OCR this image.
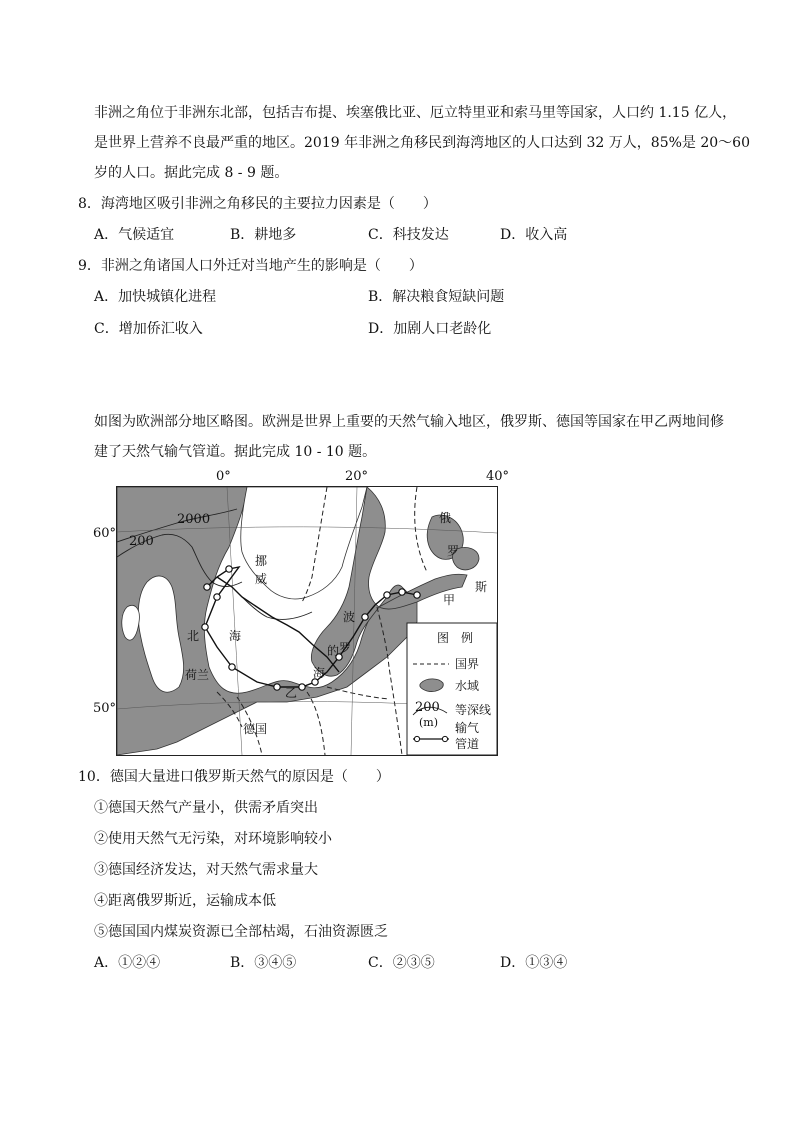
非洲之角位于非洲东北部，包括吉布提、埃塞俄比亚、厄立特里亚和索马里等国家，人口约 1.15 亿人，
是世界上营养不良最严重的地区。2019 年非洲之角移民到海湾地区的人口达到 32 万人，85%是 20～60
岁的人口。据此完成 8 - 9 题。
8．海湾地区吸引非洲之角移民的主要拉力因素是（　　）
A．气候适宜	B．耕地多	C．科技发达	D．收入高
9．非洲之角诸国人口外迁对当地产生的影响是（　　）
A．加快城镇化进程	B．解决粮食短缺问题
C．增加侨汇收入	D．加剧人口老龄化
如图为欧洲部分地区略图。欧洲是世界上重要的天然气输入地区，俄罗斯、德国等国家在甲乙两地间修
建了天然气输气管道。据此完成 10 - 10 题。
0°	20°	40°
60°
50°
2000
200
挪
威
俄
罗
斯
甲
乙
北 海
波
罗
的
海
荷兰
德国
图　例
国界
水域
200
(m)
等深线
输气
管道
10．德国大量进口俄罗斯天然气的原因是（　　）
①德国天然气产量小，供需矛盾突出
②使用天然气无污染，对环境影响较小
③德国经济发达，对天然气需求量大
④距离俄罗斯近，运输成本低
⑤德国国内煤炭资源已全部枯竭，石油资源匮乏
A．①②④	B．③④⑤	C．②③⑤	D．①③④
